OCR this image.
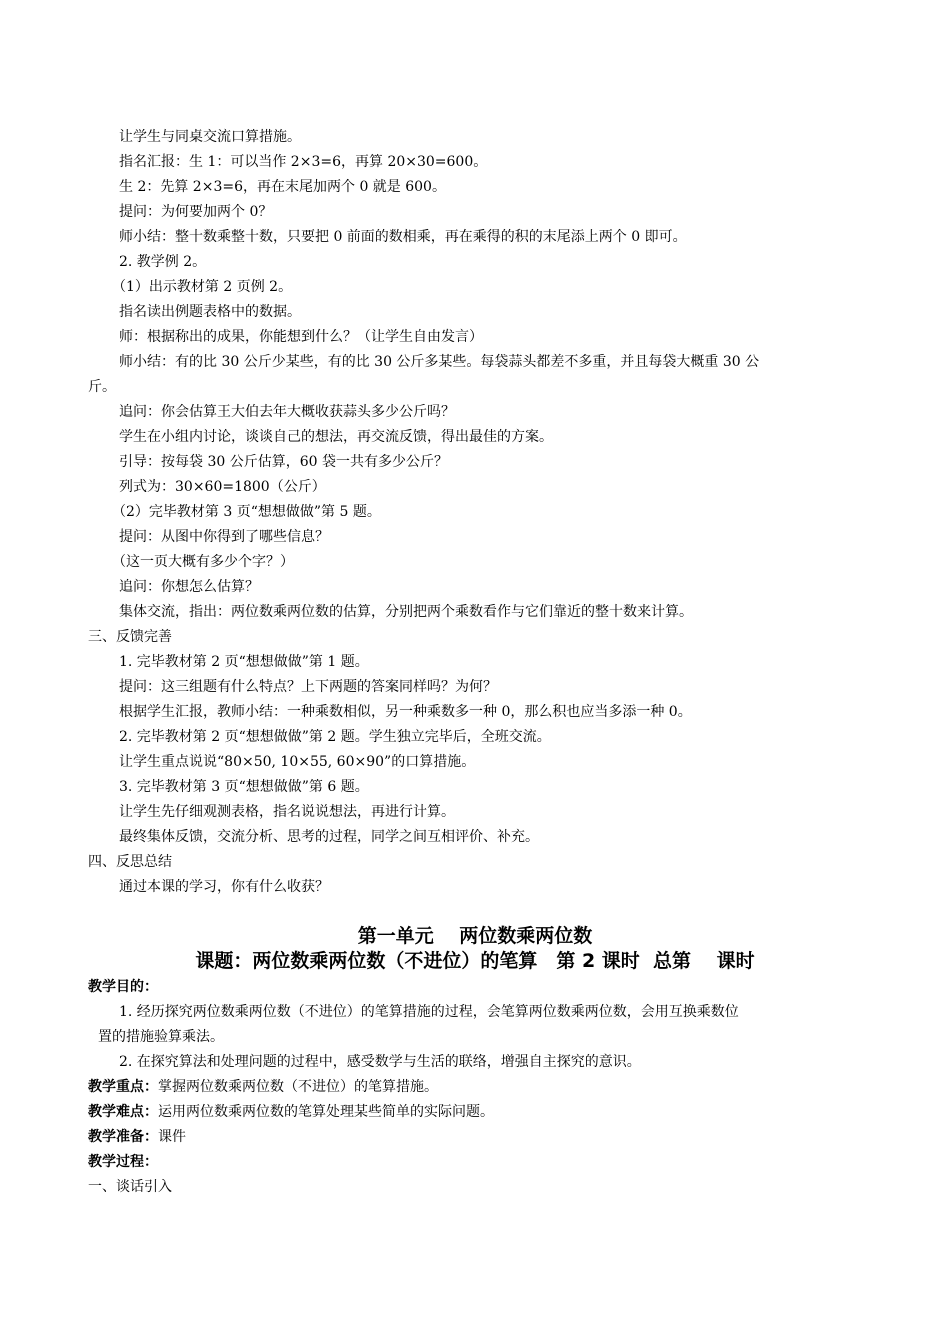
让学生与同桌交流口算措施。
指名汇报：生 1：可以当作 2×3=6，再算 20×30=600。
生 2：先算 2×3=6，再在末尾加两个 0 就是 600。
提问：为何要加两个 0？
师小结：整十数乘整十数，只要把 0 前面的数相乘，再在乘得的积的末尾添上两个 0 即可。
2. 教学例 2。
（1）出示教材第 2 页例 2。
指名读出例题表格中的数据。
师：根据称出的成果，你能想到什么？（让学生自由发言）
师小结：有的比 30 公斤少某些，有的比 30 公斤多某些。每袋蒜头都差不多重，并且每袋大概重 30 公
斤。
追问：你会估算王大伯去年大概收获蒜头多少公斤吗？
学生在小组内讨论，谈谈自己的想法，再交流反馈，得出最佳的方案。
引导：按每袋 30 公斤估算，60 袋一共有多少公斤？
列式为：30×60=1800（公斤）
（2）完毕教材第 3 页“想想做做”第 5 题。
提问：从图中你得到了哪些信息？
（这一页大概有多少个字？）
追问：你想怎么估算？
集体交流，指出：两位数乘两位数的估算，分别把两个乘数看作与它们靠近的整十数来计算。
三、反馈完善
1. 完毕教材第 2 页“想想做做”第 1 题。
提问：这三组题有什么特点？上下两题的答案同样吗？为何？
根据学生汇报，教师小结：一种乘数相似，另一种乘数多一种 0，那么积也应当多添一种 0。
2. 完毕教材第 2 页“想想做做”第 2 题。学生独立完毕后，全班交流。
让学生重点说说“80×50, 10×55, 60×90”的口算措施。
3. 完毕教材第 3 页“想想做做”第 6 题。
让学生先仔细观测表格，指名说说想法，再进行计算。
最终集体反馈，交流分析、思考的过程，同学之间互相评价、补充。
四、反思总结
通过本课的学习，你有什么收获？
第一单元　 两位数乘两位数
课题：两位数乘两位数（不进位）的笔算　第 2 课时  总第　 课时
教学目的：
1. 经历探究两位数乘两位数（不进位）的笔算措施的过程，会笔算两位数乘两位数，会用互换乘数位
置的措施验算乘法。
2. 在探究算法和处理问题的过程中，感受数学与生活的联络，增强自主探究的意识。
教学重点：掌握两位数乘两位数（不进位）的笔算措施。
教学难点：运用两位数乘两位数的笔算处理某些简单的实际问题。
教学准备：课件
教学过程：
一、谈话引入
